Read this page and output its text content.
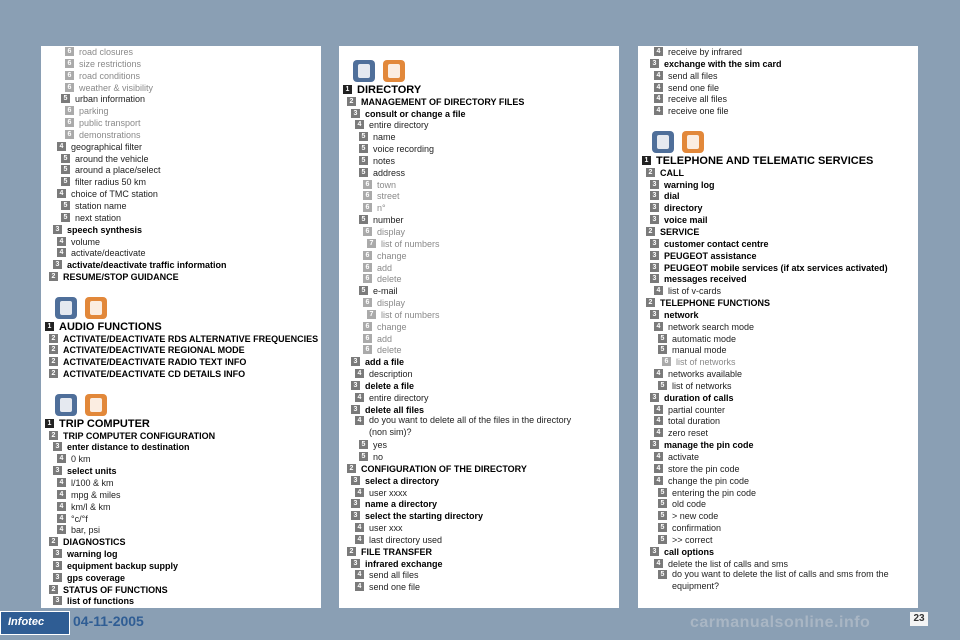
6 road closures
6 size restrictions
6 road conditions
6 weather & visibility
5 urban information
6 parking
6 public transport
6 demonstrations
4 geographical filter
5 around the vehicle
5 around a place/select
5 filter radius 50 km
4 choice of TMC station
5 station name
5 next station
3 speech synthesis
4 volume
4 activate/deactivate
3 activate/deactivate traffic information
2 RESUME/STOP GUIDANCE
1 AUDIO FUNCTIONS
2 ACTIVATE/DEACTIVATE RDS ALTERNATIVE FREQUENCIES
2 ACTIVATE/DEACTIVATE REGIONAL MODE
2 ACTIVATE/DEACTIVATE RADIO TEXT INFO
2 ACTIVATE/DEACTIVATE CD DETAILS INFO
1 TRIP COMPUTER
2 TRIP COMPUTER CONFIGURATION
3 enter distance to destination
4 0 km
3 select units
4 l/100 & km
4 mpg & miles
4 km/l & km
4 °c/°f
4 bar, psi
2 DIAGNOSTICS
3 warning log
3 equipment backup supply
3 gps coverage
2 STATUS OF FUNCTIONS
3 list of functions
1 DIRECTORY
2 MANAGEMENT OF DIRECTORY FILES
3 consult or change a file
4 entire directory
5 name
5 voice recording
5 notes
5 address
6 town
6 street
6 n°
5 number
6 display
7 list of numbers
6 change
6 add
6 delete
5 e-mail
6 display
7 list of numbers
6 change
6 add
6 delete
3 add a file
4 description
3 delete a file
4 entire directory
3 delete all files
4 do you want to delete all of the files in the directory (non sim)?
5 yes
5 no
2 CONFIGURATION OF THE DIRECTORY
3 select a directory
4 user xxxx
3 name a directory
3 select the starting directory
4 user xxx
4 last directory used
2 FILE TRANSFER
3 infrared exchange
4 send all files
4 send one file
4 receive by infrared
3 exchange with the sim card
4 send all files
4 send one file
4 receive all files
4 receive one file
1 TELEPHONE AND TELEMATIC SERVICES
2 CALL
3 warning log
3 dial
3 directory
3 voice mail
2 SERVICE
3 customer contact centre
3 PEUGEOT assistance
3 PEUGEOT mobile services (if atx services activated)
3 messages received
4 list of v-cards
2 TELEPHONE FUNCTIONS
3 network
4 network search mode
5 automatic mode
5 manual mode
6 list of networks
4 networks available
5 list of networks
3 duration of calls
4 partial counter
4 total duration
4 zero reset
3 manage the pin code
4 activate
4 store the pin code
4 change the pin code
5 entering the pin code
5 old code
5 > new code
5 confirmation
5 >> correct
3 call options
4 delete the list of calls and sms
5 do you want to delete the list of calls and sms from the equipment?
Infotec 04-11-2005	carmanualsonline.info	23
